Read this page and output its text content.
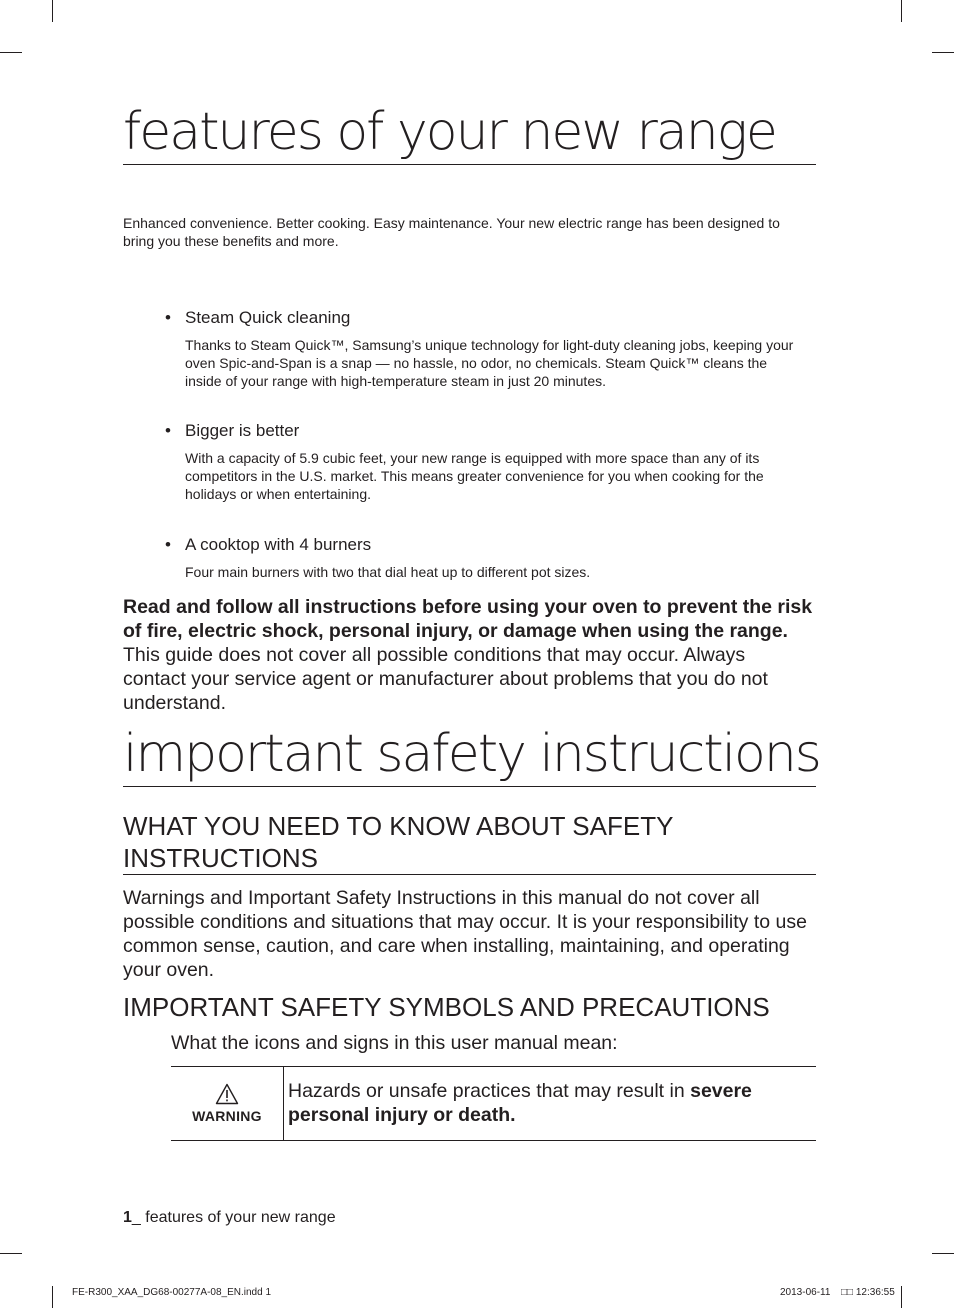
features of your new range
Enhanced convenience. Better cooking. Easy maintenance. Your new electric range has been designed to bring you these benefits and more.
• Steam Quick cleaning
Thanks to Steam Quick™, Samsung’s unique technology for light-duty cleaning jobs, keeping your oven Spic-and-Span is a snap — no hassle, no odor, no chemicals. Steam Quick™ cleans the inside of your range with high-temperature steam in just 20 minutes.
• Bigger is better
With a capacity of 5.9 cubic feet, your new range is equipped with more space than any of its competitors in the U.S. market. This means greater convenience for you when cooking for the holidays or when entertaining.
• A cooktop with 4 burners
Four main burners with two that dial heat up to different pot sizes.
Read and follow all instructions before using your oven to prevent the risk of fire, electric shock, personal injury, or damage when using the range. This guide does not cover all possible conditions that may occur. Always contact your service agent or manufacturer about problems that you do not understand.
important safety instructions
WHAT YOU NEED TO KNOW ABOUT SAFETY INSTRUCTIONS
Warnings and Important Safety Instructions in this manual do not cover all possible conditions and situations that may occur. It is your responsibility to use common sense, caution, and care when installing, maintaining, and operating your oven.
IMPORTANT SAFETY SYMBOLS AND PRECAUTIONS
What the icons and signs in this user manual mean:
WARNING
Hazards or unsafe practices that may result in severe personal injury or death.
1_ features of your new range
FE-R300_XAA_DG68-00277A-08_EN.indd 1	2013-06-11 □□ 12:36:55
